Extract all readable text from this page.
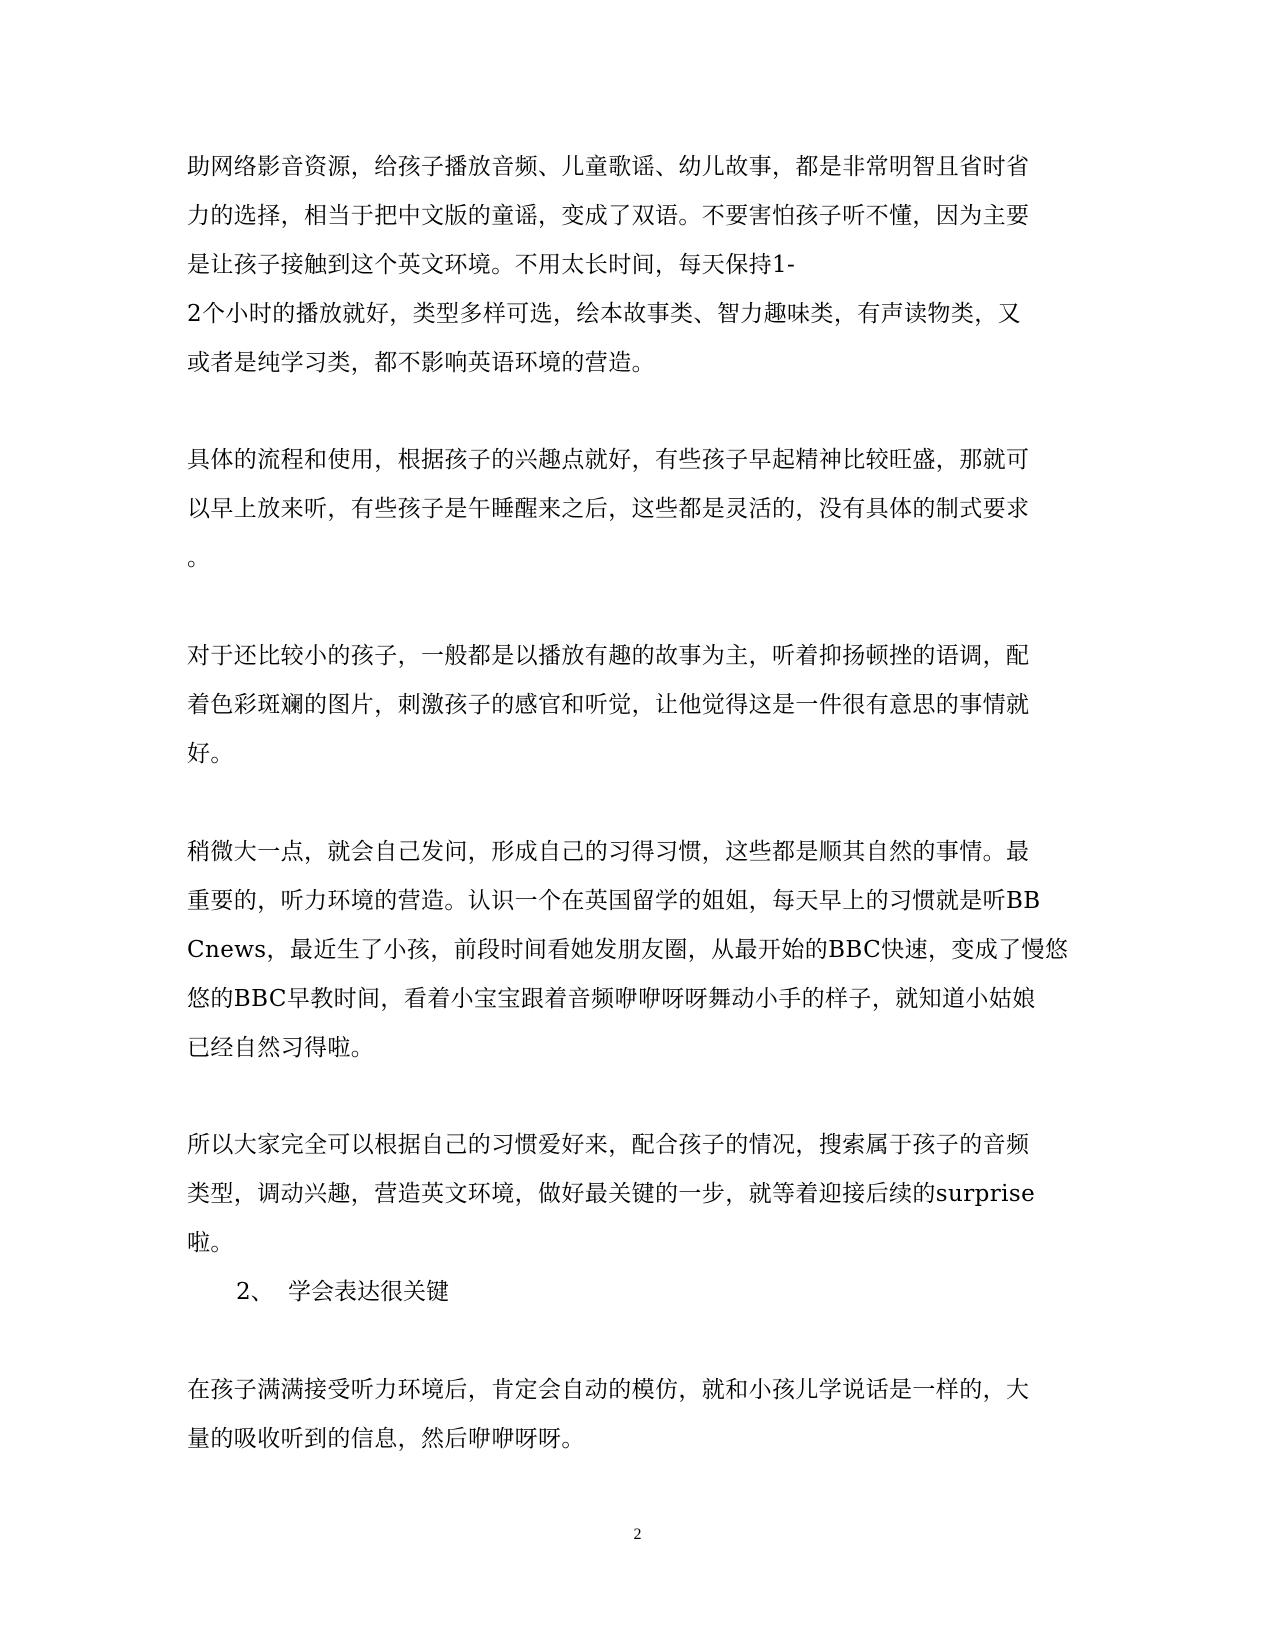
助网络影音资源，给孩子播放音频、儿童歌谣、幼儿故事，都是非常明智且省时省
力的选择，相当于把中文版的童谣，变成了双语。不要害怕孩子听不懂，因为主要
是让孩子接触到这个英文环境。不用太长时间，每天保持1-
2个小时的播放就好，类型多样可选，绘本故事类、智力趣味类，有声读物类，又
或者是纯学习类，都不影响英语环境的营造。
具体的流程和使用，根据孩子的兴趣点就好，有些孩子早起精神比较旺盛，那就可
以早上放来听，有些孩子是午睡醒来之后，这些都是灵活的，没有具体的制式要求
。
对于还比较小的孩子，一般都是以播放有趣的故事为主，听着抑扬顿挫的语调，配
着色彩斑斓的图片，刺激孩子的感官和听觉，让他觉得这是一件很有意思的事情就
好。
稍微大一点，就会自己发问，形成自己的习得习惯，这些都是顺其自然的事情。最
重要的，听力环境的营造。认识一个在英国留学的姐姐，每天早上的习惯就是听BB
Cnews，最近生了小孩，前段时间看她发朋友圈，从最开始的BBC快速，变成了慢悠
悠的BBC早教时间，看着小宝宝跟着音频咿咿呀呀舞动小手的样子，就知道小姑娘
已经自然习得啦。
所以大家完全可以根据自己的习惯爱好来，配合孩子的情况，搜索属于孩子的音频
类型，调动兴趣，营造英文环境，做好最关键的一步，就等着迎接后续的surprise
啦。
2、 学会表达很关键
在孩子满满接受听力环境后，肯定会自动的模仿，就和小孩儿学说话是一样的，大
量的吸收听到的信息，然后咿咿呀呀。
2
